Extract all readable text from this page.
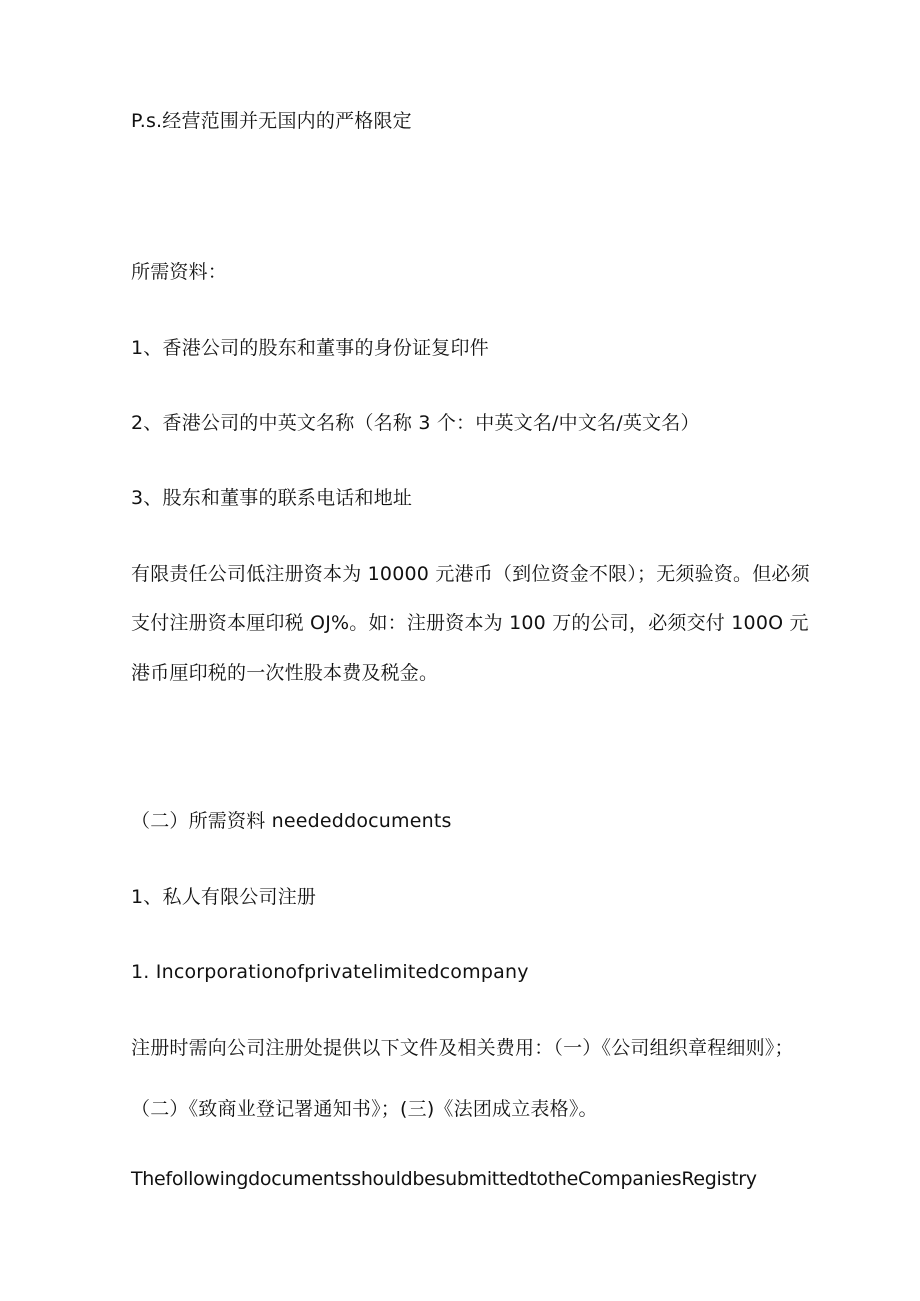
P.s.经营范围并无国内的严格限定
所需资料：
1、香港公司的股东和董事的身份证复印件
2、香港公司的中英文名称（名称 3 个：中英文名/中文名/英文名）
3、股东和董事的联系电话和地址
有限责任公司低注册资本为 10000 元港币（到位资金不限）；无须验资。但必须
支付注册资本厘印税 OJ%。如：注册资本为 100 万的公司，必须交付 100O 元
港币厘印税的一次性股本费及税金。
（二）所需资料 neededdocuments
1、私人有限公司注册
1. Incorporationofprivatelimitedcompany
注册时需向公司注册处提供以下文件及相关费用：（一）《公司组织章程细则》；
（二）《致商业登记署通知书》；(三)《法团成立表格》。
ThefollowingdocumentsshouldbesubmittedtotheCompaniesRegistry
